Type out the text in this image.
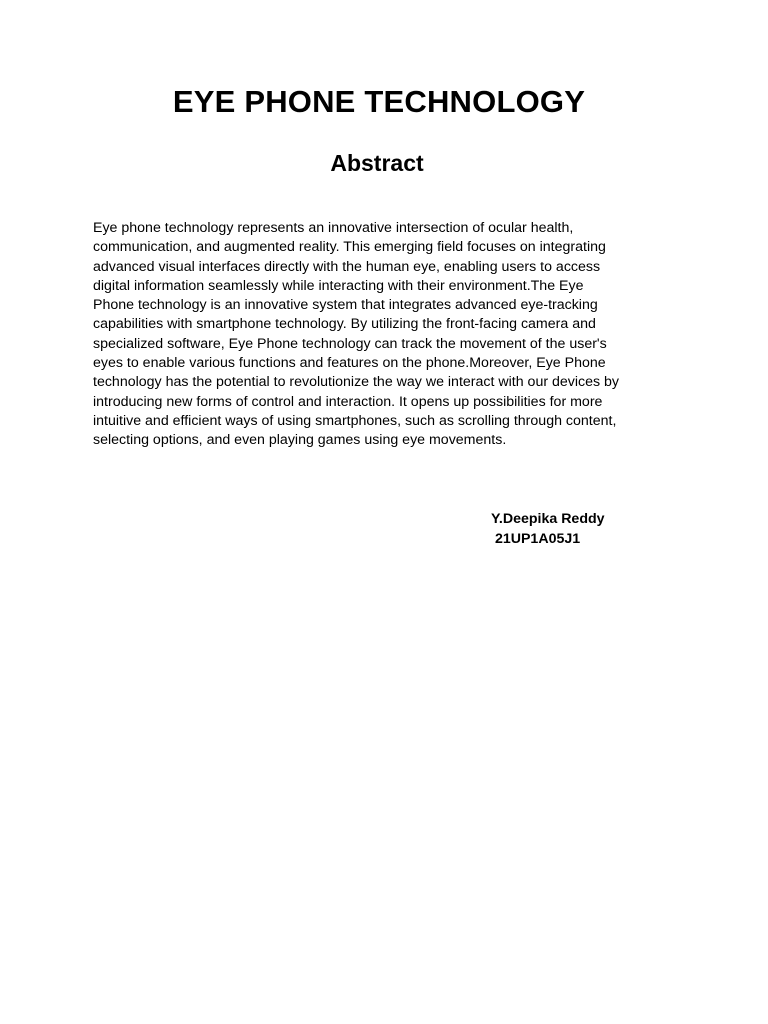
EYE PHONE TECHNOLOGY
Abstract

Eye phone technology represents an innovative intersection of ocular health,
communication, and augmented reality. This emerging field focuses on integrating
advanced visual interfaces directly with the human eye, enabling users to access
digital information seamlessly while interacting with their environment.The Eye
Phone technology is an innovative system that integrates advanced eye-tracking
capabilities with smartphone technology. By utilizing the front-facing camera and
specialized software, Eye Phone technology can track the movement of the user's
eyes to enable various functions and features on the phone.Moreover, Eye Phone
technology has the potential to revolutionize the way we interact with our devices by
introducing new forms of control and interaction. It opens up possibilities for more
intuitive and efficient ways of using smartphones, such as scrolling through content,
selecting options, and even playing games using eye movements.

Y.Deepika Reddy
21UP1A05J1
